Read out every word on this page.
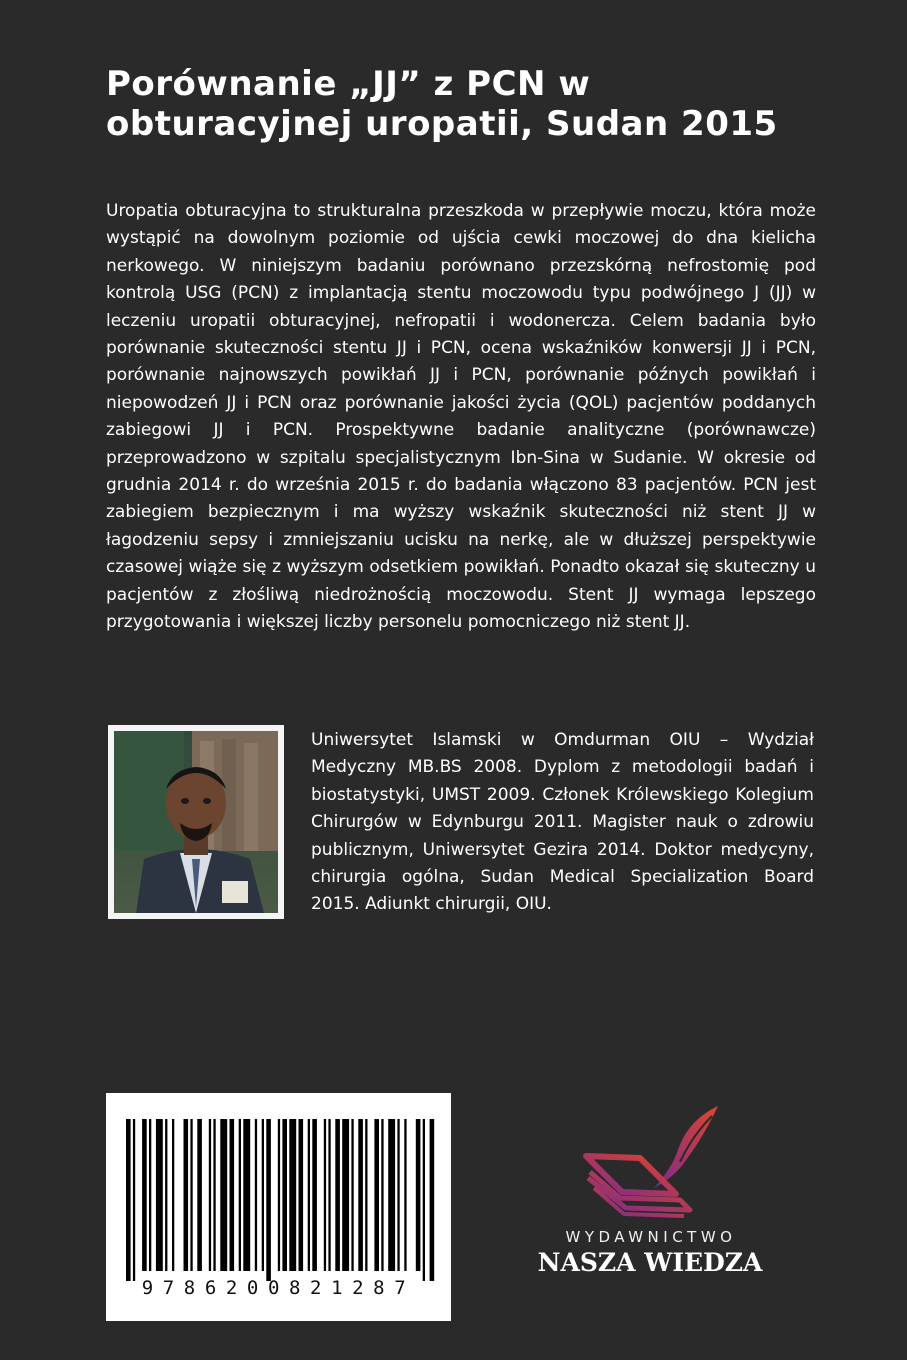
Porównanie „JJ” z PCN w obturacyjnej uropatii, Sudan 2015

Uropatia obturacyjna to strukturalna przeszkoda w przepływie moczu, która może wystąpić na dowolnym poziomie od ujścia cewki moczowej do dna kielicha nerkowego. W niniejszym badaniu porównano przezskórną nefrostomię pod kontrolą USG (PCN) z implantacją stentu moczowodu typu podwójnego J (JJ) w leczeniu uropatii obturacyjnej, nefropatii i wodonercza. Celem badania było porównanie skuteczności stentu JJ i PCN, ocena wskaźników konwersji JJ i PCN, porównanie najnowszych powikłań JJ i PCN, porównanie późnych powikłań i niepowodzeń JJ i PCN oraz porównanie jakości życia (QOL) pacjentów poddanych zabiegowi JJ i PCN. Prospektywne badanie analityczne (porównawcze) przeprowadzono w szpitalu specjalistycznym Ibn-Sina w Sudanie. W okresie od grudnia 2014 r. do września 2015 r. do badania włączono 83 pacjentów. PCN jest zabiegiem bezpiecznym i ma wyższy wskaźnik skuteczności niż stent JJ w łagodzeniu sepsy i zmniejszaniu ucisku na nerkę, ale w dłuższej perspektywie czasowej wiąże się z wyższym odsetkiem powikłań. Ponadto okazał się skuteczny u pacjentów z złośliwą niedrożnością moczowodu. Stent JJ wymaga lepszego przygotowania i większej liczby personelu pomocniczego niż stent JJ.

Uniwersytet Islamski w Omdurman OIU – Wydział Medyczny MB.BS 2008. Dyplom z metodologii badań i biostatystyki, UMST 2009. Członek Królewskiego Kolegium Chirurgów w Edynburgu 2011. Magister nauk o zdrowiu publicznym, Uniwersytet Gezira 2014. Doktor medycyny, chirurgia ogólna, Sudan Medical Specialization Board 2015. Adiunkt chirurgii, OIU.

9786200821287
WYDAWNICTWO
NASZA WIEDZA
